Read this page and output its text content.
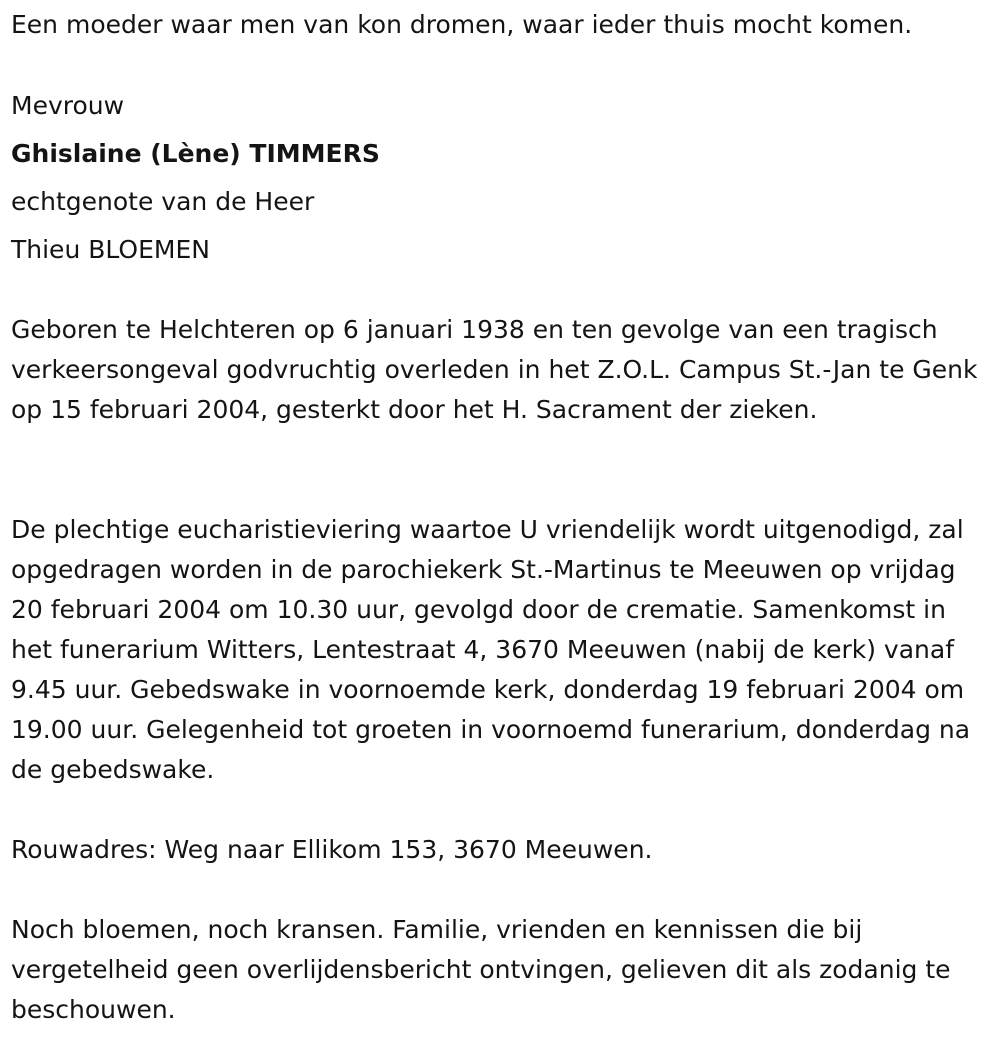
Een moeder waar men van kon dromen, waar ieder thuis mocht komen.
Mevrouw
Ghislaine (Lène) TIMMERS
echtgenote van de Heer
Thieu BLOEMEN

Geboren te Helchteren op 6 januari 1938 en ten gevolge van een tragisch verkeersongeval godvruchtig overleden in het Z.O.L. Campus St.-Jan te Genk op 15 februari 2004, gesterkt door het H. Sacrament der zieken.

De plechtige eucharistieviering waartoe U vriendelijk wordt uitgenodigd, zal opgedragen worden in de parochiekerk St.-Martinus te Meeuwen op vrijdag 20 februari 2004 om 10.30 uur, gevolgd door de crematie. Samenkomst in het funerarium Witters, Lentestraat 4, 3670 Meeuwen (nabij de kerk) vanaf 9.45 uur. Gebedswake in voornoemde kerk, donderdag 19 februari 2004 om 19.00 uur. Gelegenheid tot groeten in voornoemd funerarium, donderdag na de gebedswake.

Rouwadres: Weg naar Ellikom 153, 3670 Meeuwen.

Noch bloemen, noch kransen. Familie, vrienden en kennissen die bij vergetelheid geen overlijdensbericht ontvingen, gelieven dit als zodanig te beschouwen.
